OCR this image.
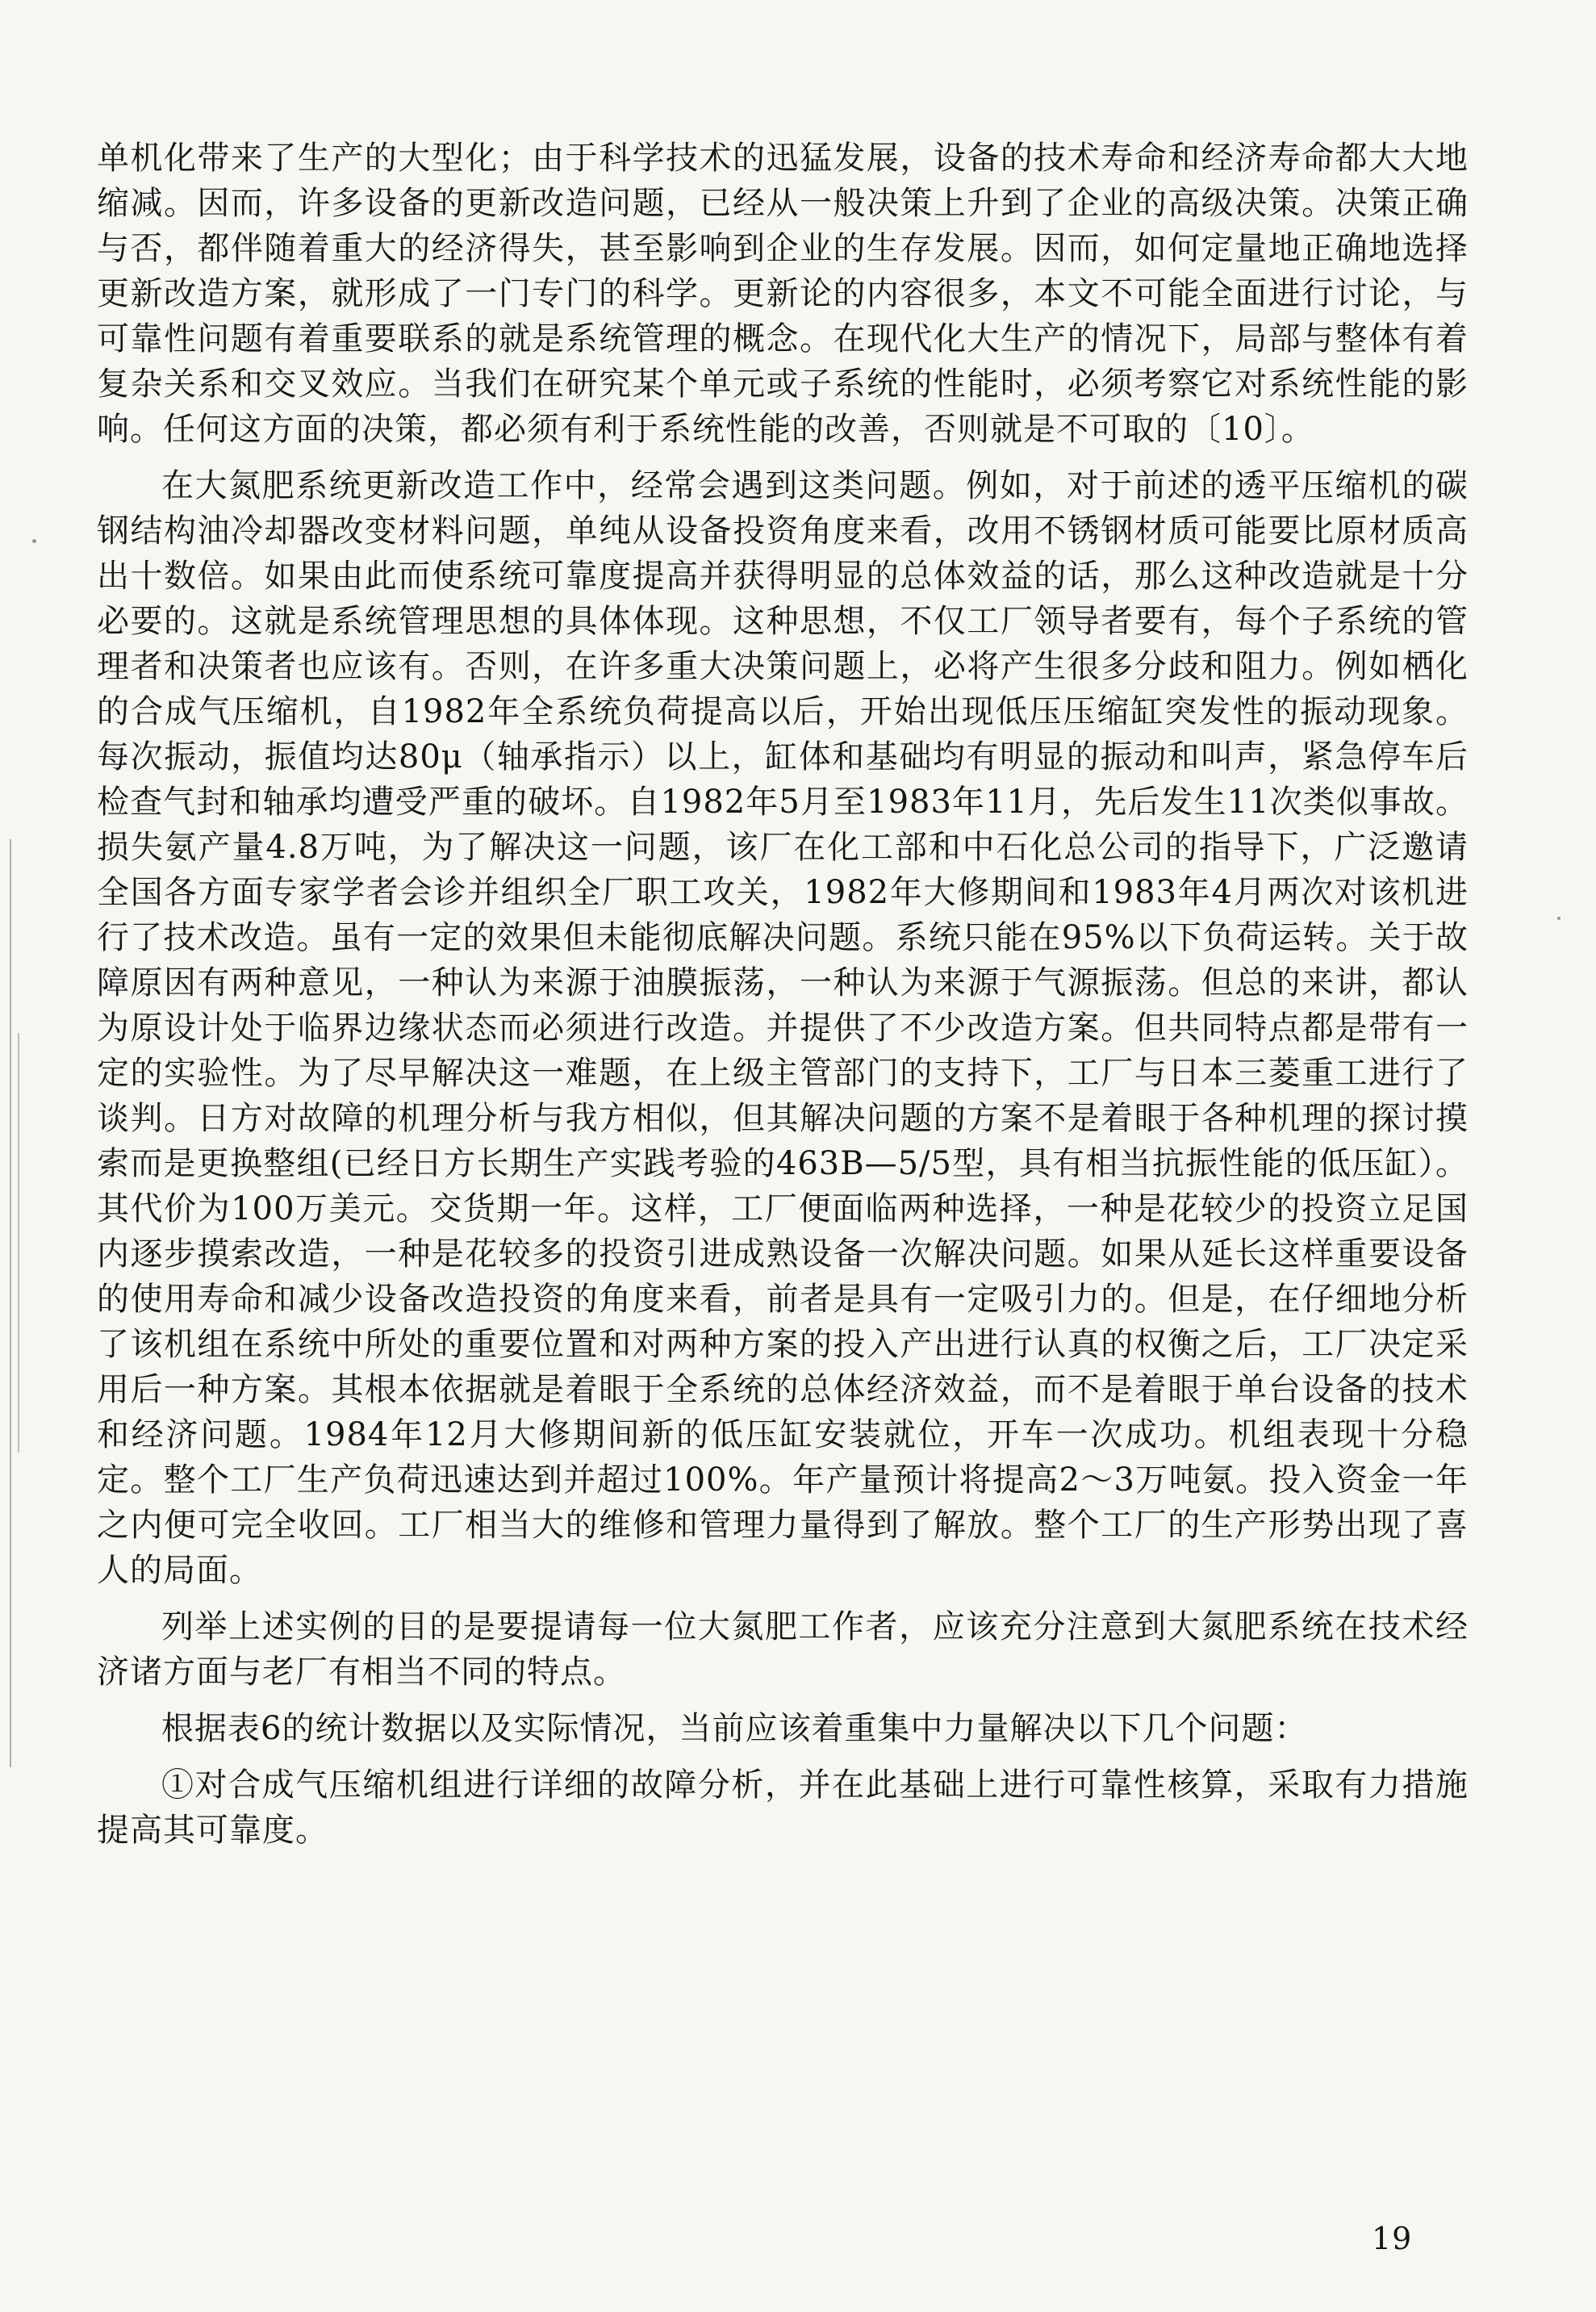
单机化带来了生产的大型化；由于科学技术的迅猛发展，设备的技术寿命和经济寿命都大大地缩减。因而，许多设备的更新改造问题，已经从一般决策上升到了企业的高级决策。决策正确与否，都伴随着重大的经济得失，甚至影响到企业的生存发展。因而，如何定量地正确地选择更新改造方案，就形成了一门专门的科学。更新论的内容很多，本文不可能全面进行讨论，与可靠性问题有着重要联系的就是系统管理的概念。在现代化大生产的情况下，局部与整体有着复杂关系和交叉效应。当我们在研究某个单元或子系统的性能时，必须考察它对系统性能的影响。任何这方面的决策，都必须有利于系统性能的改善，否则就是不可取的〔10〕。

在大氮肥系统更新改造工作中，经常会遇到这类问题。例如，对于前述的透平压缩机的碳钢结构油冷却器改变材料问题，单纯从设备投资角度来看，改用不锈钢材质可能要比原材质高出十数倍。如果由此而使系统可靠度提高并获得明显的总体效益的话，那么这种改造就是十分必要的。这就是系统管理思想的具体体现。这种思想，不仅工厂领导者要有，每个子系统的管理者和决策者也应该有。否则，在许多重大决策问题上，必将产生很多分歧和阻力。例如栖化的合成气压缩机，自1982年全系统负荷提高以后，开始出现低压压缩缸突发性的振动现象。每次振动，振值均达80μ（轴承指示）以上，缸体和基础均有明显的振动和叫声，紧急停车后检查气封和轴承均遭受严重的破坏。自1982年5月至1983年11月，先后发生11次类似事故。损失氨产量4.8万吨，为了解决这一问题，该厂在化工部和中石化总公司的指导下，广泛邀请全国各方面专家学者会诊并组织全厂职工攻关，1982年大修期间和1983年4月两次对该机进行了技术改造。虽有一定的效果但未能彻底解决问题。系统只能在95%以下负荷运转。关于故障原因有两种意见，一种认为来源于油膜振荡，一种认为来源于气源振荡。但总的来讲，都认为原设计处于临界边缘状态而必须进行改造。并提供了不少改造方案。但共同特点都是带有一定的实验性。为了尽早解决这一难题，在上级主管部门的支持下，工厂与日本三菱重工进行了谈判。日方对故障的机理分析与我方相似，但其解决问题的方案不是着眼于各种机理的探讨摸索而是更换整组(已经日方长期生产实践考验的463B—5/5型，具有相当抗振性能的低压缸）。其代价为100万美元。交货期一年。这样，工厂便面临两种选择，一种是花较少的投资立足国内逐步摸索改造，一种是花较多的投资引进成熟设备一次解决问题。如果从延长这样重要设备的使用寿命和减少设备改造投资的角度来看，前者是具有一定吸引力的。但是，在仔细地分析了该机组在系统中所处的重要位置和对两种方案的投入产出进行认真的权衡之后，工厂决定采用后一种方案。其根本依据就是着眼于全系统的总体经济效益，而不是着眼于单台设备的技术和经济问题。1984年12月大修期间新的低压缸安装就位，开车一次成功。机组表现十分稳定。整个工厂生产负荷迅速达到并超过100%。年产量预计将提高2～3万吨氨。投入资金一年之内便可完全收回。工厂相当大的维修和管理力量得到了解放。整个工厂的生产形势出现了喜人的局面。

列举上述实例的目的是要提请每一位大氮肥工作者，应该充分注意到大氮肥系统在技术经济诸方面与老厂有相当不同的特点。

根据表6的统计数据以及实际情况，当前应该着重集中力量解决以下几个问题：

①对合成气压缩机组进行详细的故障分析，并在此基础上进行可靠性核算，采取有力措施提高其可靠度。

19
